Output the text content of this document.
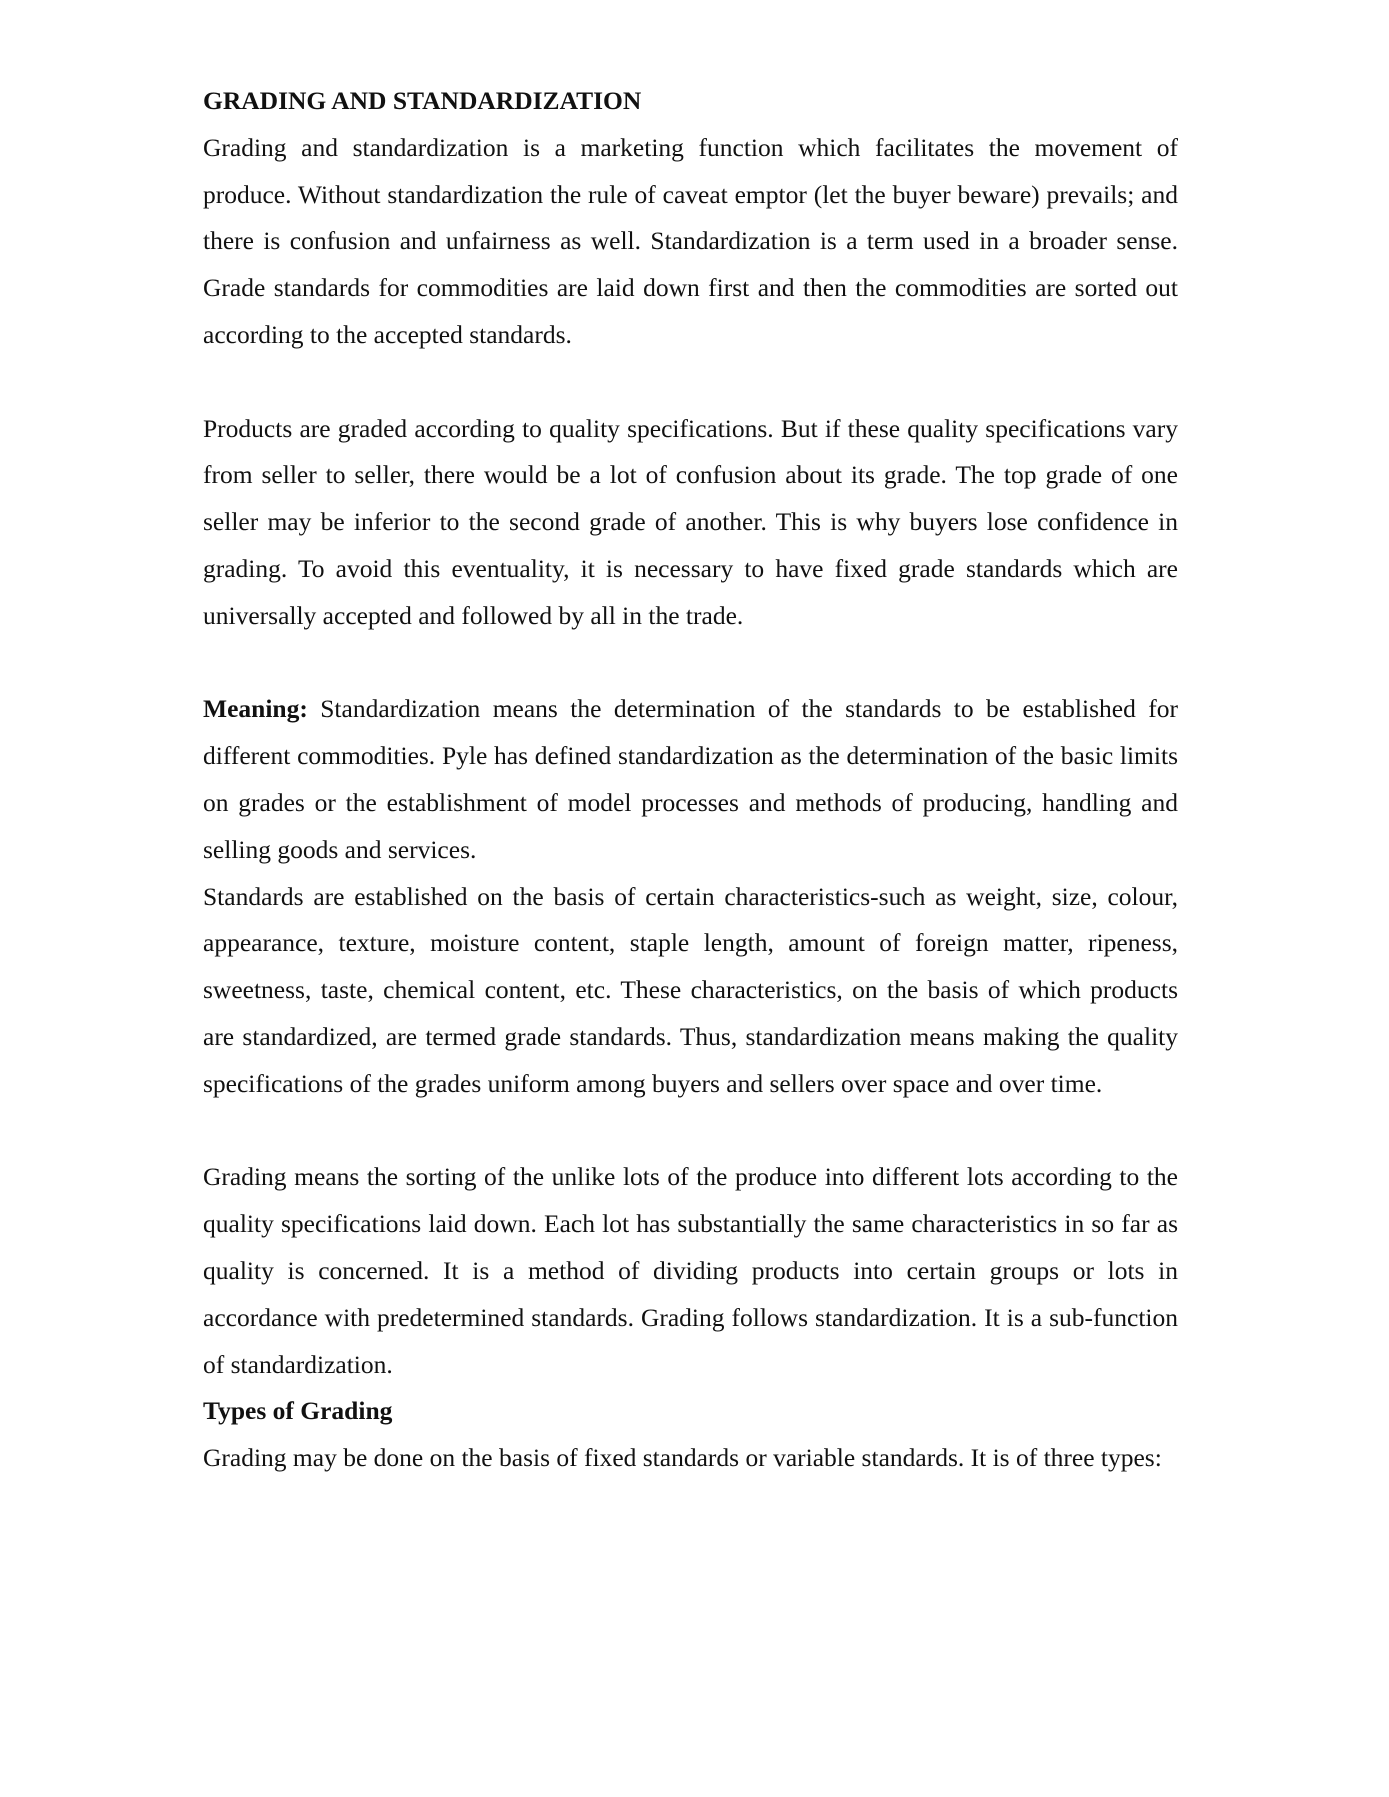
GRADING AND STANDARDIZATION

Grading and standardization is a marketing function which facilitates the movement of produce. Without standardization the rule of caveat emptor (let the buyer beware) prevails; and there is confusion and unfairness as well. Standardization is a term used in a broader sense. Grade standards for commodities are laid down first and then the commodities are sorted out according to the accepted standards.

Products are graded according to quality specifications. But if these quality specifications vary from seller to seller, there would be a lot of confusion about its grade. The top grade of one seller may be inferior to the second grade of another. This is why buyers lose confidence in grading. To avoid this eventuality, it is necessary to have fixed grade standards which are universally accepted and followed by all in the trade.

Meaning: Standardization means the determination of the standards to be established for different commodities. Pyle has defined standardization as the determination of the basic limits on grades or the establishment of model processes and methods of producing, handling and selling goods and services.

Standards are established on the basis of certain characteristics-such as weight, size, colour, appearance, texture, moisture content, staple length, amount of foreign matter, ripeness, sweetness, taste, chemical content, etc. These characteristics, on the basis of which products are standardized, are termed grade standards. Thus, standardization means making the quality specifications of the grades uniform among buyers and sellers over space and over time.

Grading means the sorting of the unlike lots of the produce into different lots according to the quality specifications laid down. Each lot has substantially the same characteristics in so far as quality is concerned. It is a method of dividing products into certain groups or lots in accordance with predetermined standards. Grading follows standardization. It is a sub-function of standardization.

Types of Grading

Grading may be done on the basis of fixed standards or variable standards. It is of three types:
